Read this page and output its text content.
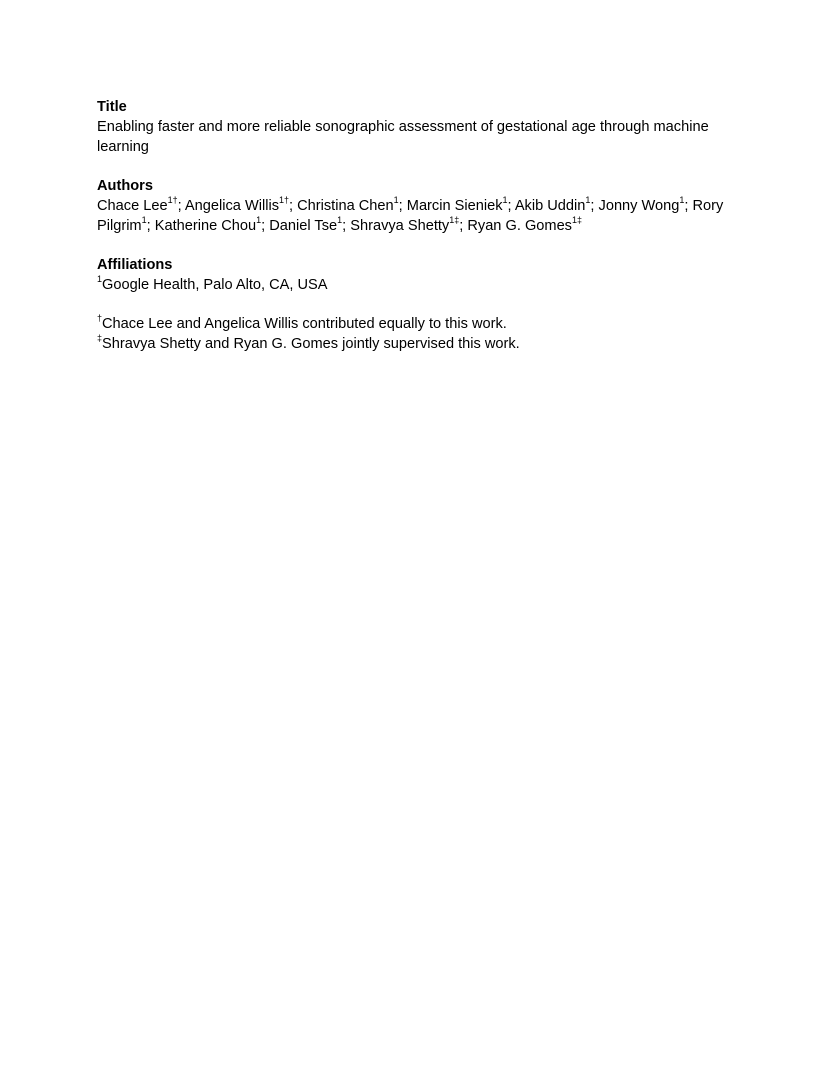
Title
Enabling faster and more reliable sonographic assessment of gestational age through machine learning
Authors
Chace Lee$^{1\dagger}$; Angelica Willis$^{1\dagger}$; Christina Chen$^1$; Marcin Sieniek$^1$; Akib Uddin$^1$; Jonny Wong$^1$; Rory Pilgrim$^1$; Katherine Chou$^1$; Daniel Tse$^1$; Shravya Shetty$^{1\ddagger}$; Ryan G. Gomes$^{1\ddagger}$
Affiliations
$^1$Google Health, Palo Alto, CA, USA
†Chace Lee and Angelica Willis contributed equally to this work.
‡Shravya Shetty and Ryan G. Gomes jointly supervised this work.
